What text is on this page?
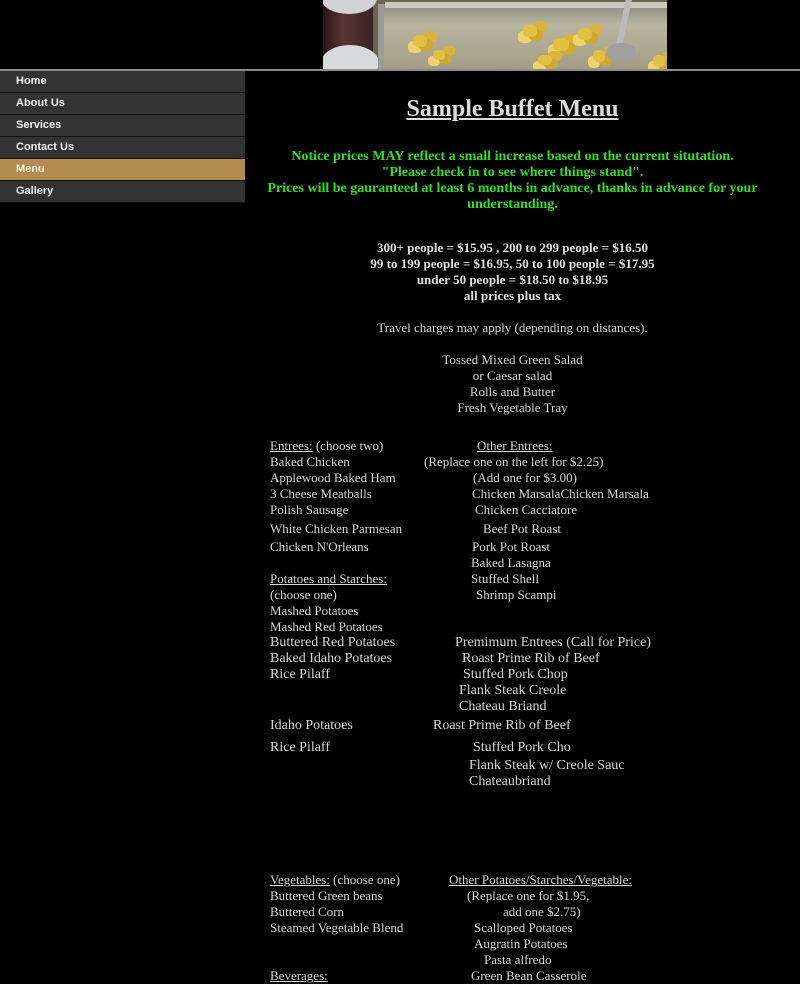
Home
About Us
Services
Contact Us
Menu
Gallery
Sample Buffet Menu
Notice prices MAY reflect a small increase based on the current situtation.
"Please check in to see where things stand".
Prices will be gauranteed at least 6 months in advance, thanks in advance for your understanding.
300+ people = $15.95 , 200 to 299 people = $16.50
99 to 199 people = $16.95, 50 to 100 people = $17.95
under 50 people = $18.50 to $18.95
all prices plus tax
Travel charges may apply (depending on distances).
Tossed Mixed Green Salad
or Caesar salad
Rolls and Butter
Fresh Vegetable Tray
Entrees: (choose two)
Baked Chicken
Applewood Baked Ham
3 Cheese Meatballs
Polish Sausage
White Chicken Parmesan
Chicken N'Orleans
Other Entrees:
(Replace one on the left for $2.25)
(Add one for $3.00)
Chicken MarsalaChicken Marsala
Chicken Cacciatore
Beef Pot Roast
Pork Pot Roast
Baked Lasagna
Stuffed Shell
Shrimp Scampi
Potatoes and Starches:
(choose one)
Mashed Potatoes
Mashed Red Potatoes
Buttered Red Potatoes
Baked Idaho Potatoes
Rice Pilaff
Idaho Potatoes
Rice Pilaff
Premimum Entrees (Call for Price)
Roast Prime Rib of Beef
Stuffed Pork Chop
Flank Steak Creole
Chateau Briand
Roast Prime Rib of Beef
Stuffed Pork Cho
Flank Steak w/ Creole Sauc
Chateaubriand
Vegetables: (choose one)
Buttered Green beans
Buttered Corn
Steamed Vegetable Blend
Beverages:
Other Potatoes/Starches/Vegetable:
(Replace one for $1.95,
add one $2.75)
Scalloped Potatoes
Augratin Potatoes
Pasta alfredo
Green Bean Casserole
